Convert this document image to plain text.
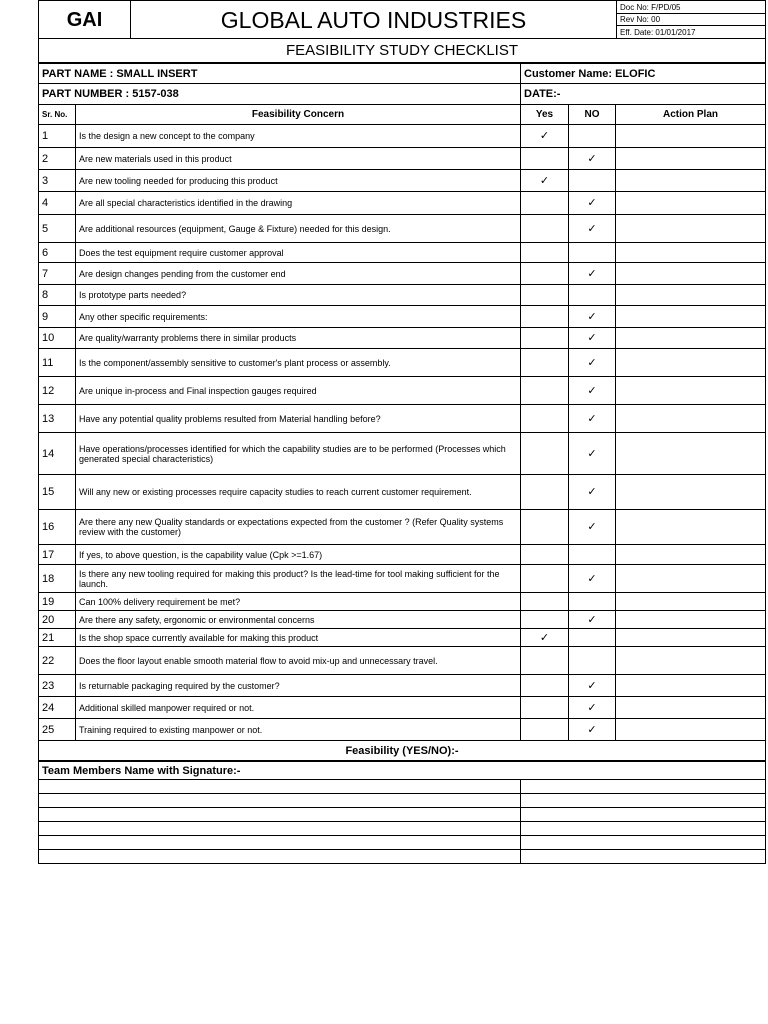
GAI	GLOBAL AUTO INDUSTRIES	Doc No: F/PD/05
Rev No: 00
Eff. Date: 01/01/2017
FEASIBILITY STUDY CHECKLIST
PART NAME : SMALL INSERT		Customer Name: ELOFIC		
PART NUMBER : 5157-038		DATE:-		
Sr. No.	Feasibility Concern	Yes	NO	Action Plan
1	Is the design a new concept to the company	✓		
2	Are new materials used in this product		✓	
3	Are new tooling needed for producing this product	✓		
4	Are all special characteristics identified in the drawing		✓	
5	Are additional resources (equipment, Gauge & Fixture) needed for this design.		✓	
6	Does the test equipment require customer approval			
7	Are design changes pending from the customer end		✓	
8	Is prototype parts needed?			
9	Any other specific requirements:		✓	
10	Are quality/warranty problems there in similar products		✓	
11	Is the component/assembly sensitive to customer's plant process or assembly.		✓	
12	Are unique in-process and Final inspection gauges required		✓	
13	Have any potential quality problems resulted from Material handling before?		✓	
14	Have operations/processes identified for which the capability studies are to be performed (Processes which generated special characteristics)		✓	
15	Will any new or existing processes require capacity studies to reach current customer requirement.		✓	
16	Are there any new Quality standards or expectations expected from the customer ? (Refer Quality systems review with the customer)		✓	
17	If yes, to above question, is the capability value (Cpk >=1.67)			
18	Is there any new tooling required for making this product? Is the lead-time for tool making sufficient for the launch.		✓	
19	Can 100% delivery requirement be met?			
20	Are there any safety, ergonomic or environmental concerns		✓	
21	Is the shop space currently available for making this product	✓		
22	Does the floor layout enable smooth material flow to avoid mix-up and unnecessary travel.			
23	Is returnable packaging required by the customer?		✓	
24	Additional skilled manpower required or not.		✓	
25	Training required to existing manpower or not.		✓	
Feasibility (YES/NO):-				
Team Members Name with Signature:-	
